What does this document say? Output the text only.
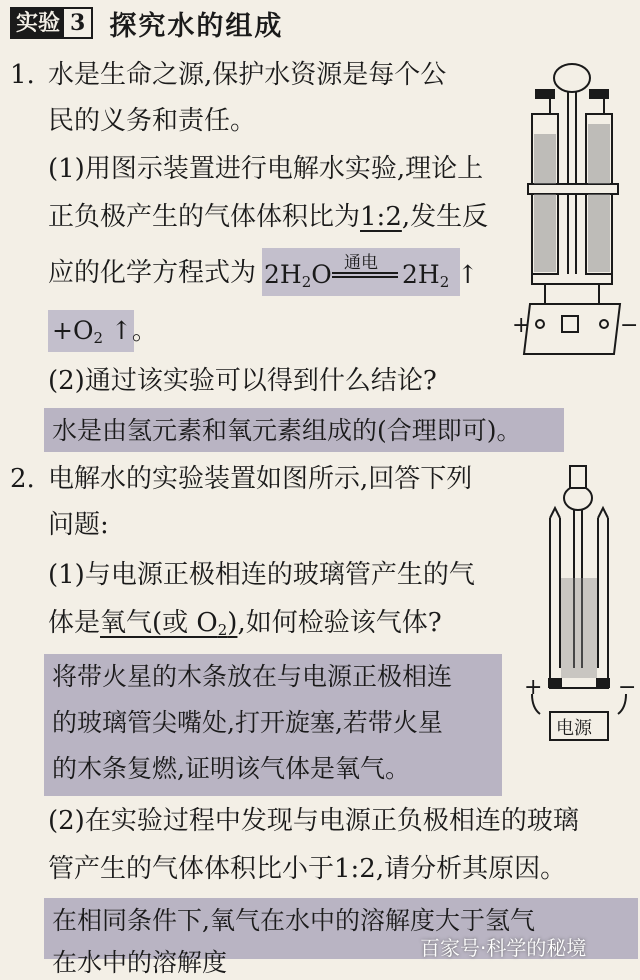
实验 3 探究水的组成
1. 水是生命之源,保护水资源是每个公
民的义务和责任。
(1)用图示装置进行电解水实验,理论上
正负极产生的气体体积比为1:2,发生反
应的化学方程式为 $2H_2O$ 通电 $2H_2$ ↑
$+O_2$ ↑。
(2)通过该实验可以得到什么结论?
水是由氢元素和氧元素组成的(合理即可)。
2. 电解水的实验装置如图所示,回答下列
问题:
(1)与电源正极相连的玻璃管产生的气
体是氧气(或 $O_2$),如何检验该气体?
将带火星的木条放在与电源正极相连
的玻璃管尖嘴处,打开旋塞,若带火星
的木条复燃,证明该气体是氧气。
(2)在实验过程中发现与电源正负极相连的玻璃
管产生的气体体积比小于1:2,请分析其原因。
在相同条件下,氧气在水中的溶解度大于氢气
在水中的溶解度
+	−
+	−
电源
百家号·科学的秘境
